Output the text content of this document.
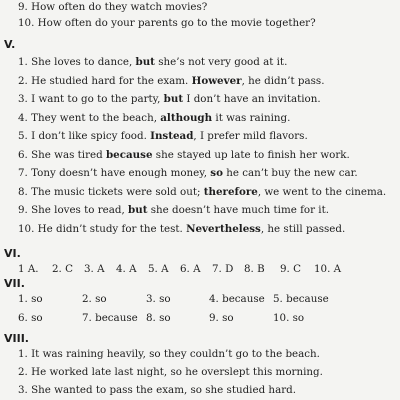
9. How often do they watch movies?
10. How often do your parents go to the movie together?
V.
1. She loves to dance, but she’s not very good at it.
2. He studied hard for the exam. However, he didn’t pass.
3. I want to go to the party, but I don’t have an invitation.
4. They went to the beach, although it was raining.
5. I don’t like spicy food. Instead, I prefer mild flavors.
6. She was tired because she stayed up late to finish her work.
7. Tony doesn’t have enough money, so he can’t buy the new car.
8. The music tickets were sold out; therefore, we went to the cinema.
9. She loves to read, but she doesn’t have much time for it.
10. He didn’t study for the test. Nevertheless, he still passed.
VI.
1 A. 2. C 3. A 4. A 5. A 6. A 7. D 8. B 9. C 10. A
VII.
1. so	2. so	3. so	4. because 5. because
6. so	7. because 8. so	9. so	10. so
VIII.
1. It was raining heavily, so they couldn’t go to the beach.
2. He worked late last night, so he overslept this morning.
3. She wanted to pass the exam, so she studied hard.
